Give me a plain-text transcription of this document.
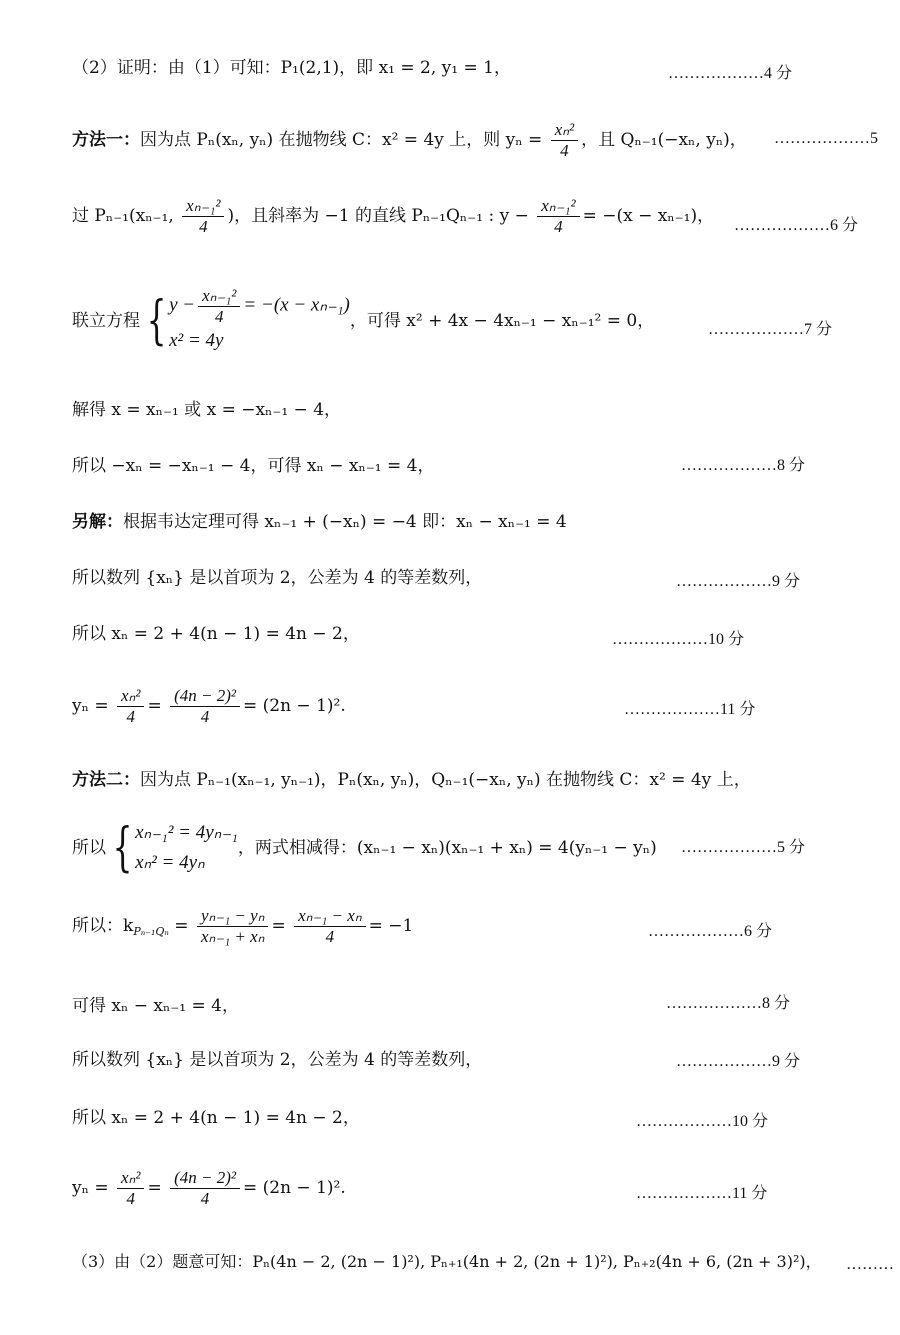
（2）证明：由（1）可知：P₁(2,1)，即 x₁ = 2, y₁ = 1，	………………4 分
方法一：因为点 Pₙ(xₙ, yₙ) 在抛物线 C：x² = 4y 上，则 $y_n = \frac{\text{xₙ²}}{4}$ ，且 Qₙ₋₁(−xₙ, yₙ)， ………………5
过 Pₙ₋₁(xₙ₋₁, $\frac{\text{xₙ₋₁²}}{4}$ )，且斜率为 −1 的直线 Pₙ₋₁Qₙ₋₁ : $y - \frac{\text{xₙ₋₁²}}{4} = -(x - x_{n-1})$， ………………6 分
联立方程 { $y - \frac{\text{xₙ₋₁²}}{4} = -(x - x_{n-1})$
x² = 4y
，可得 x² + 4x − 4xₙ₋₁ − xₙ₋₁² = 0，	………………7 分
解得 x = xₙ₋₁ 或 x = −xₙ₋₁ − 4，
所以 −xₙ = −xₙ₋₁ − 4，可得 xₙ − xₙ₋₁ = 4，	………………8 分
另解：根据韦达定理可得 xₙ₋₁ + (−xₙ) = −4 即：xₙ − xₙ₋₁ = 4
所以数列 {xₙ} 是以首项为 2，公差为 4 的等差数列，	………………9 分
所以 xₙ = 2 + 4(n − 1) = 4n − 2，	………………10 分
$y_n = \frac{\text{xₙ²}}{4} = \frac{\text{(4n − 2)²}}{4} = (2n - 1)^2$.	………………11 分
方法二：因为点 Pₙ₋₁(xₙ₋₁, yₙ₋₁)，Pₙ(xₙ, yₙ)，Qₙ₋₁(−xₙ, yₙ) 在抛物线 C：x² = 4y 上，
所以 { xₙ₋₁² = 4yₙ₋₁
xₙ² = 4yₙ
，两式相减得：(xₙ₋₁ − xₙ)(xₙ₋₁ + xₙ) = 4(yₙ₋₁ − yₙ) ………………5 分
所以：$k_{P_{n-1}Q_n} = \frac{\text{yₙ₋₁ − yₙ}}{\text{xₙ₋₁ + xₙ}} = \frac{\text{xₙ₋₁ − xₙ}}{4} = -1$	………………6 分
可得 xₙ − xₙ₋₁ = 4，	………………8 分
所以数列 {xₙ} 是以首项为 2，公差为 4 的等差数列，	………………9 分
所以 xₙ = 2 + 4(n − 1) = 4n − 2，	………………10 分
$y_n = \frac{\text{xₙ²}}{4} = \frac{\text{(4n − 2)²}}{4} = (2n - 1)^2$.	………………11 分
（3）由（2）题意可知：Pₙ(4n − 2, (2n − 1)²), Pₙ₊₁(4n + 2, (2n + 1)²), Pₙ₊₂(4n + 6, (2n + 3)²)， ………
